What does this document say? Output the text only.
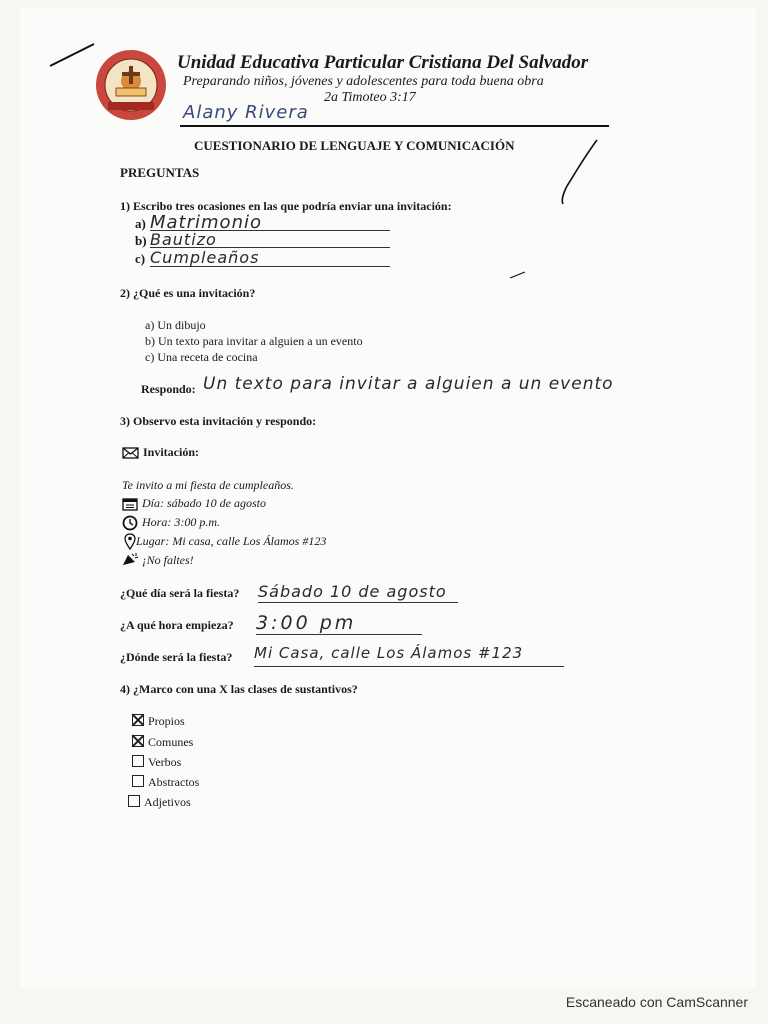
Unidad Educativa Particular Cristiana Del Salvador
Preparando niños, jóvenes y adolescentes para toda buena obra
2a Timoteo 3:17
Alany Rivera
CUESTIONARIO DE LENGUAJE Y COMUNICACIÓN
PREGUNTAS
1) Escribo tres ocasiones en las que podría enviar una invitación:
a) Matrimonio
b) Bautizo
c) Cumpleaños
2) ¿Qué es una invitación?
a) Un dibujo
b) Un texto para invitar a alguien a un evento
c) Una receta de cocina
Respondo: Un texto para invitar a alguien a un evento
3) Observo esta invitación y respondo:
Invitación:
Te invito a mi fiesta de cumpleaños.
Día: sábado 10 de agosto
Hora: 3:00 p.m.
Lugar: Mi casa, calle Los Álamos #123
¡No faltes!
¿Qué día será la fiesta? Sábado 10 de agosto
¿A qué hora empieza? 3:00 pm
¿Dónde será la fiesta? Mi Casa, calle Los Álamos #123
4) ¿Marco con una X las clases de sustantivos?
Propios
Comunes
Verbos
Abstractos
Adjetivos
Escaneado con CamScanner
